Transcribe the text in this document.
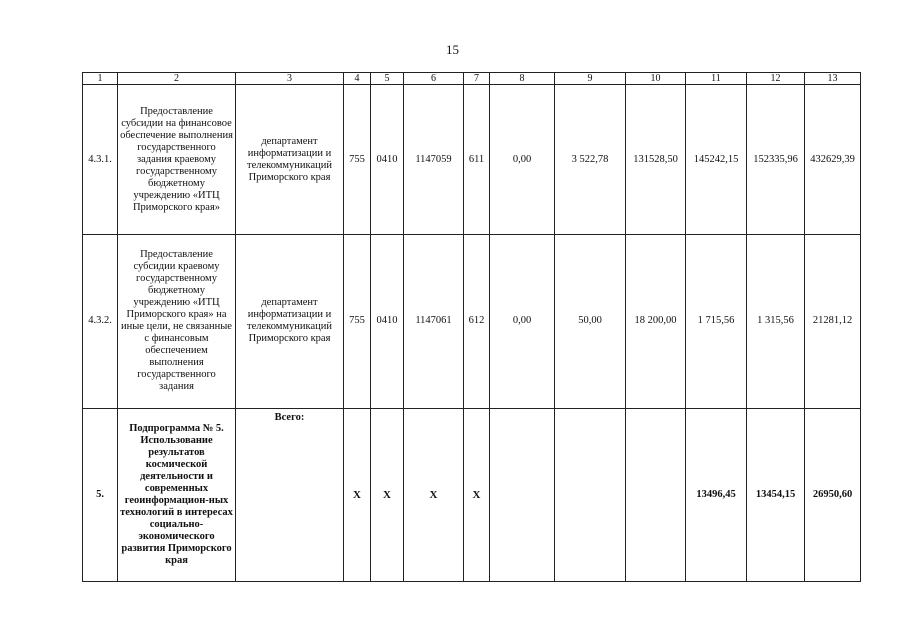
15
1	2	3	4	5	6	7	8	9	10	11	12	13
4.3.1.	Предоставление субсидии на финансовое обеспечение выполнения государственного задания краевому государственному бюджетному учреждению «ИТЦ Приморского края»	департамент информатизации и телекоммуникаций Приморского края	755	0410	1147059	611	0,00	3 522,78	131528,50	145242,15	152335,96	432629,39
4.3.2.	Предоставление субсидии краевому государственному бюджетному учреждению «ИТЦ Приморского края» на иные цели, не связанные с финансовым обеспечением выполнения государственного задания	департамент информатизации и телекоммуникаций Приморского края	755	0410	1147061	612	0,00	50,00	18 200,00	1 715,56	1 315,56	21281,12
5.	Подпрограмма № 5. Использование результатов космической деятельности и современных геоинформацион-ных технологий в интересах социально-экономического развития Приморского края	Всего:	X	X	X	X				13496,45	13454,15	26950,60
